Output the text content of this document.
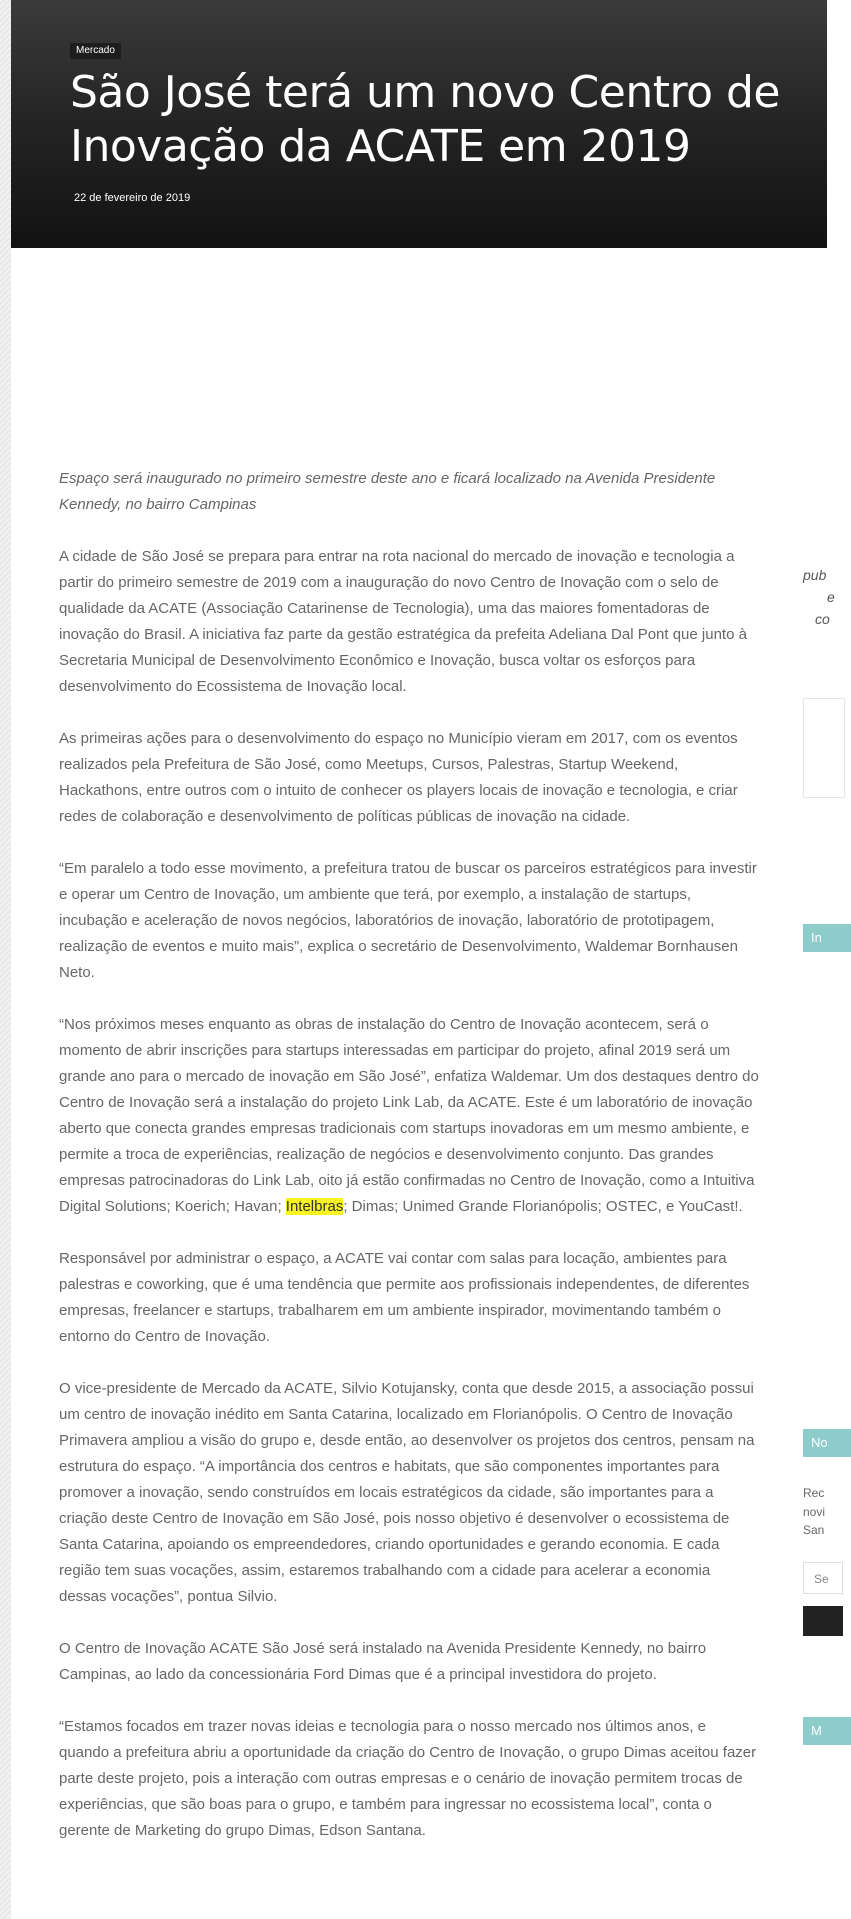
Mercado
São José terá um novo Centro de Inovação da ACATE em 2019
22 de fevereiro de 2019

Espaço será inaugurado no primeiro semestre deste ano e ficará localizado na Avenida Presidente Kennedy, no bairro Campinas

A cidade de São José se prepara para entrar na rota nacional do mercado de inovação e tecnologia a partir do primeiro semestre de 2019 com a inauguração do novo Centro de Inovação com o selo de qualidade da ACATE (Associação Catarinense de Tecnologia), uma das maiores fomentadoras de inovação do Brasil. A iniciativa faz parte da gestão estratégica da prefeita Adeliana Dal Pont que junto à Secretaria Municipal de Desenvolvimento Econômico e Inovação, busca voltar os esforços para desenvolvimento do Ecossistema de Inovação local.

As primeiras ações para o desenvolvimento do espaço no Município vieram em 2017, com os eventos realizados pela Prefeitura de São José, como Meetups, Cursos, Palestras, Startup Weekend, Hackathons, entre outros com o intuito de conhecer os players locais de inovação e tecnologia, e criar redes de colaboração e desenvolvimento de políticas públicas de inovação na cidade.

“Em paralelo a todo esse movimento, a prefeitura tratou de buscar os parceiros estratégicos para investir e operar um Centro de Inovação, um ambiente que terá, por exemplo, a instalação de startups, incubação e aceleração de novos negócios, laboratórios de inovação, laboratório de prototipagem, realização de eventos e muito mais”, explica o secretário de Desenvolvimento, Waldemar Bornhausen Neto.

“Nos próximos meses enquanto as obras de instalação do Centro de Inovação acontecem, será o momento de abrir inscrições para startups interessadas em participar do projeto, afinal 2019 será um grande ano para o mercado de inovação em São José”, enfatiza Waldemar. Um dos destaques dentro do Centro de Inovação será a instalação do projeto Link Lab, da ACATE. Este é um laboratório de inovação aberto que conecta grandes empresas tradicionais com startups inovadoras em um mesmo ambiente, e permite a troca de experiências, realização de negócios e desenvolvimento conjunto. Das grandes empresas patrocinadoras do Link Lab, oito já estão confirmadas no Centro de Inovação, como a Intuitiva Digital Solutions; Koerich; Havan; Intelbras; Dimas; Unimed Grande Florianópolis; OSTEC, e YouCast!.

Responsável por administrar o espaço, a ACATE vai contar com salas para locação, ambientes para palestras e coworking, que é uma tendência que permite aos profissionais independentes, de diferentes empresas, freelancer e startups, trabalharem em um ambiente inspirador, movimentando também o entorno do Centro de Inovação.

O vice-presidente de Mercado da ACATE, Silvio Kotujansky, conta que desde 2015, a associação possui um centro de inovação inédito em Santa Catarina, localizado em Florianópolis. O Centro de Inovação Primavera ampliou a visão do grupo e, desde então, ao desenvolver os projetos dos centros, pensam na estrutura do espaço. “A importância dos centros e habitats, que são componentes importantes para promover a inovação, sendo construídos em locais estratégicos da cidade, são importantes para a criação deste Centro de Inovação em São José, pois nosso objetivo é desenvolver o ecossistema de Santa Catarina, apoiando os empreendedores, criando oportunidades e gerando economia. E cada região tem suas vocações, assim, estaremos trabalhando com a cidade para acelerar a economia dessas vocações”, pontua Silvio.

O Centro de Inovação ACATE São José será instalado na Avenida Presidente Kennedy, no bairro Campinas, ao lado da concessionária Ford Dimas que é a principal investidora do projeto.

“Estamos focados em trazer novas ideias e tecnologia para o nosso mercado nos últimos anos, e quando a prefeitura abriu a oportunidade da criação do Centro de Inovação, o grupo Dimas aceitou fazer parte deste projeto, pois a interação com outras empresas e o cenário de inovação permitem trocas de experiências, que são boas para o grupo, e também para ingressar no ecossistema local”, conta o gerente de Marketing do grupo Dimas, Edson Santana.

pub
e
co
In
No
Rec
novi
San
Se
M
